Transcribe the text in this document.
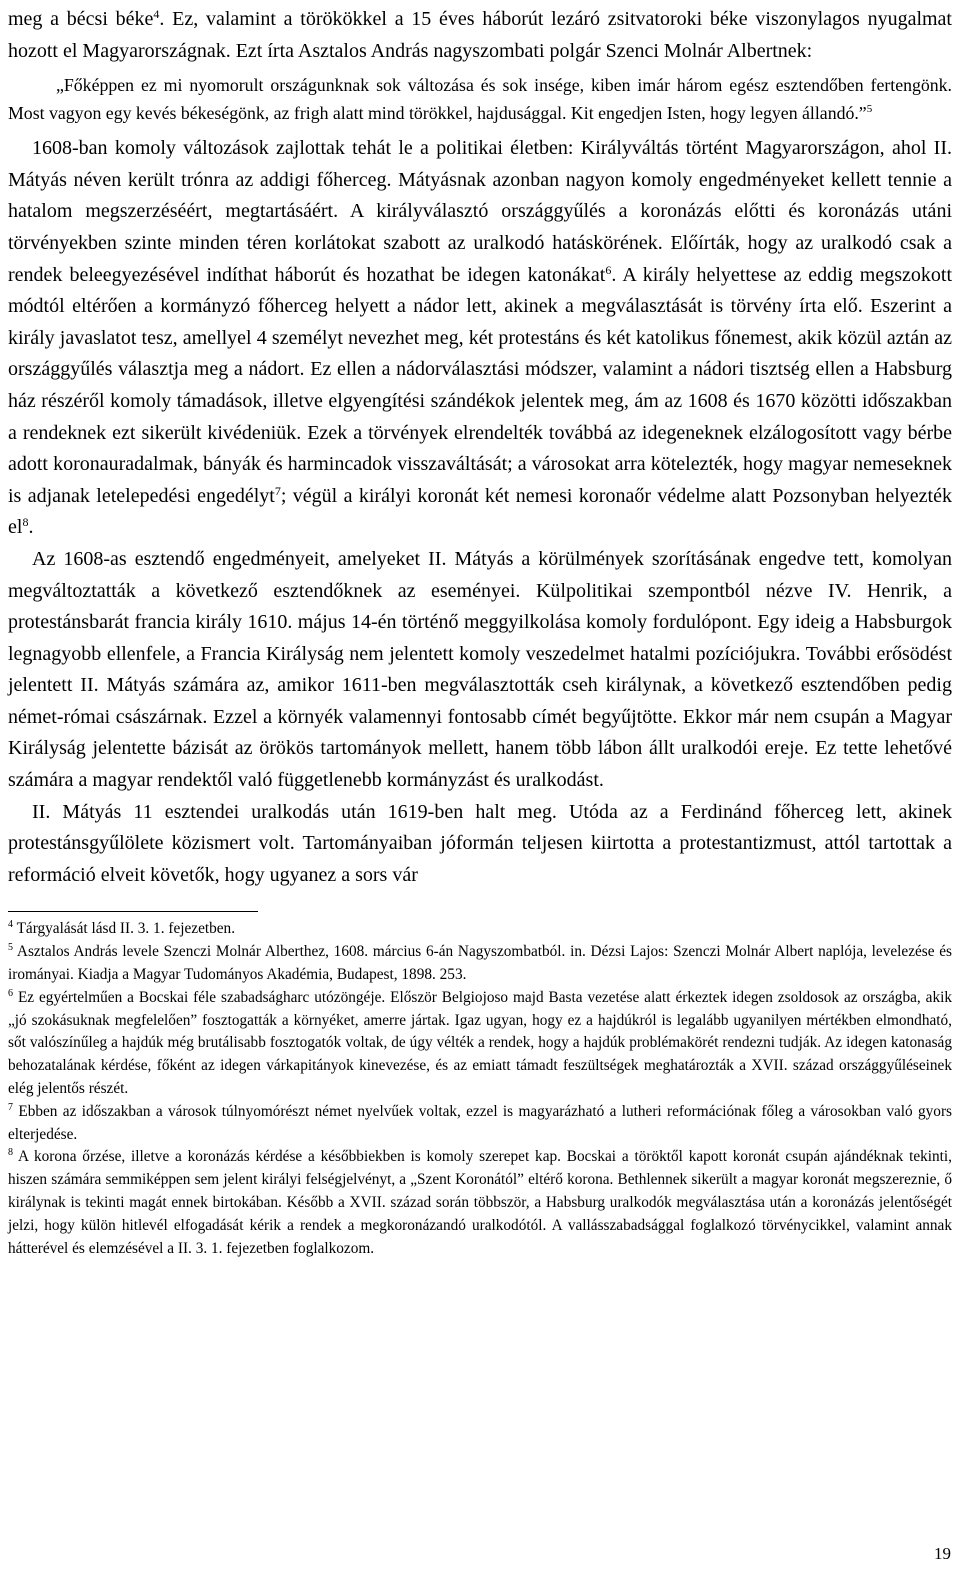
meg a bécsi béke$^4$. Ez, valamint a törökökkel a 15 éves háborút lezáró zsitvatoroki béke viszonylagos nyugalmat hozott el Magyarországnak. Ezt írta Asztalos András nagyszombati polgár Szenci Molnár Albertnek:

„Főképpen ez mi nyomorult országunknak sok változása és sok insége, kiben imár három egész esztendőben fertengönk. Most vagyon egy kevés békeségönk, az frigh alatt mind törökkel, hajdusággal. Kit engedjen Isten, hogy legyen állandó.”$^5$

1608-ban komoly változások zajlottak tehát le a politikai életben: Királyváltás történt Magyarországon, ahol II. Mátyás néven került trónra az addigi főherceg. Mátyásnak azonban nagyon komoly engedményeket kellett tennie a hatalom megszerzéséért, megtartásáért. A királyválasztó országgyűlés a koronázás előtti és koronázás utáni törvényekben szinte minden téren korlátokat szabott az uralkodó hatáskörének. Előírták, hogy az uralkodó csak a rendek beleegyezésével indíthat háborút és hozathat be idegen katonákat$^6$. A király helyettese az eddig megszokott módtól eltérően a kormányzó főherceg helyett a nádor lett, akinek a megválasztását is törvény írta elő. Eszerint a király javaslatot tesz, amellyel 4 személyt nevezhet meg, két protestáns és két katolikus főnemest, akik közül aztán az országgyűlés választja meg a nádort. Ez ellen a nádorválasztási módszer, valamint a nádori tisztség ellen a Habsburg ház részéről komoly támadások, illetve elgyengítési szándékok jelentek meg, ám az 1608 és 1670 közötti időszakban a rendeknek ezt sikerült kivédeniük. Ezek a törvények elrendelték továbbá az idegeneknek elzálogosított vagy bérbe adott koronauradalmak, bányák és harmincadok visszaváltását; a városokat arra kötelezték, hogy magyar nemeseknek is adjanak letelepedési engedélyt$^7$; végül a királyi koronát két nemesi koronaőr védelme alatt Pozsonyban helyezték $el^8$.

Az 1608-as esztendő engedményeit, amelyeket II. Mátyás a körülmények szorításának engedve tett, komolyan megváltoztatták a következő esztendőknek az eseményei. Külpolitikai szempontból nézve IV. Henrik, a protestánsbarát francia király 1610. május 14-én történő meggyilkolása komoly fordulópont. Egy ideig a Habsburgok legnagyobb ellenfele, a Francia Királyság nem jelentett komoly veszedelmet hatalmi pozíciójukra. További erősödést jelentett II. Mátyás számára az, amikor 1611-ben megválasztották cseh királynak, a következő esztendőben pedig német-római császárnak. Ezzel a környék valamennyi fontosabb címét begyűjtötte. Ekkor már nem csupán a Magyar Királyság jelentette bázisát az örökös tartományok mellett, hanem több lábon állt uralkodói ereje. Ez tette lehetővé számára a magyar rendektől való függetlenebb kormányzást és uralkodást.

II. Mátyás 11 esztendei uralkodás után 1619-ben halt meg. Utóda az a Ferdinánd főherceg lett, akinek protestánsgyűlölete közismert volt. Tartományaiban jóformán teljesen kiirtotta a protestantizmust, attól tartottak a reformáció elveit követők, hogy ugyanez a sors vár

$^4$ Tárgyalását lásd II. 3. 1. fejezetben.

$^5$ Asztalos András levele Szenczi Molnár Alberthez, 1608. március 6-án Nagyszombatból. in. Dézsi Lajos: Szenczi Molnár Albert naplója, levelezése és irományai. Kiadja a Magyar Tudományos Akadémia, Budapest, 1898. 253.

$^6$ Ez egyértelműen a Bocskai féle szabadságharc utózöngéje. Először Belgiojoso majd Basta vezetése alatt érkeztek idegen zsoldosok az országba, akik „jó szokásuknak megfelelően” fosztogatták a környéket, amerre jártak. Igaz ugyan, hogy ez a hajdúkról is legalább ugyanilyen mértékben elmondható, sőt valószínűleg a hajdúk még brutálisabb fosztogatók voltak, de úgy vélték a rendek, hogy a hajdúk problémakörét rendezni tudják. Az idegen katonaság behozatalának kérdése, főként az idegen várkapitányok kinevezése, és az emiatt támadt feszültségek meghatározták a XVII. század országgyűléseinek elég jelentős részét.

$^7$ Ebben az időszakban a városok túlnyomórészt német nyelvűek voltak, ezzel is magyarázható a lutheri reformációnak főleg a városokban való gyors elterjedése.

$^8$ A korona őrzése, illetve a koronázás kérdése a későbbiekben is komoly szerepet kap. Bocskai a töröktől kapott koronát csupán ajándéknak tekinti, hiszen számára semmiképpen sem jelent királyi felségjelvényt, a „Szent Koronától” eltérő korona. Bethlennek sikerült a magyar koronát megszereznie, ő királynak is tekinti magát ennek birtokában. Később a XVII. század során többször, a Habsburg uralkodók megválasztása után a koronázás jelentőségét jelzi, hogy külön hitlevél elfogadását kérik a rendek a megkoronázandó uralkodótól. A vallásszabadsággal foglalkozó törvénycikkel, valamint annak hátterével és elemzésével a II. 3. 1. fejezetben foglalkozom.

19
